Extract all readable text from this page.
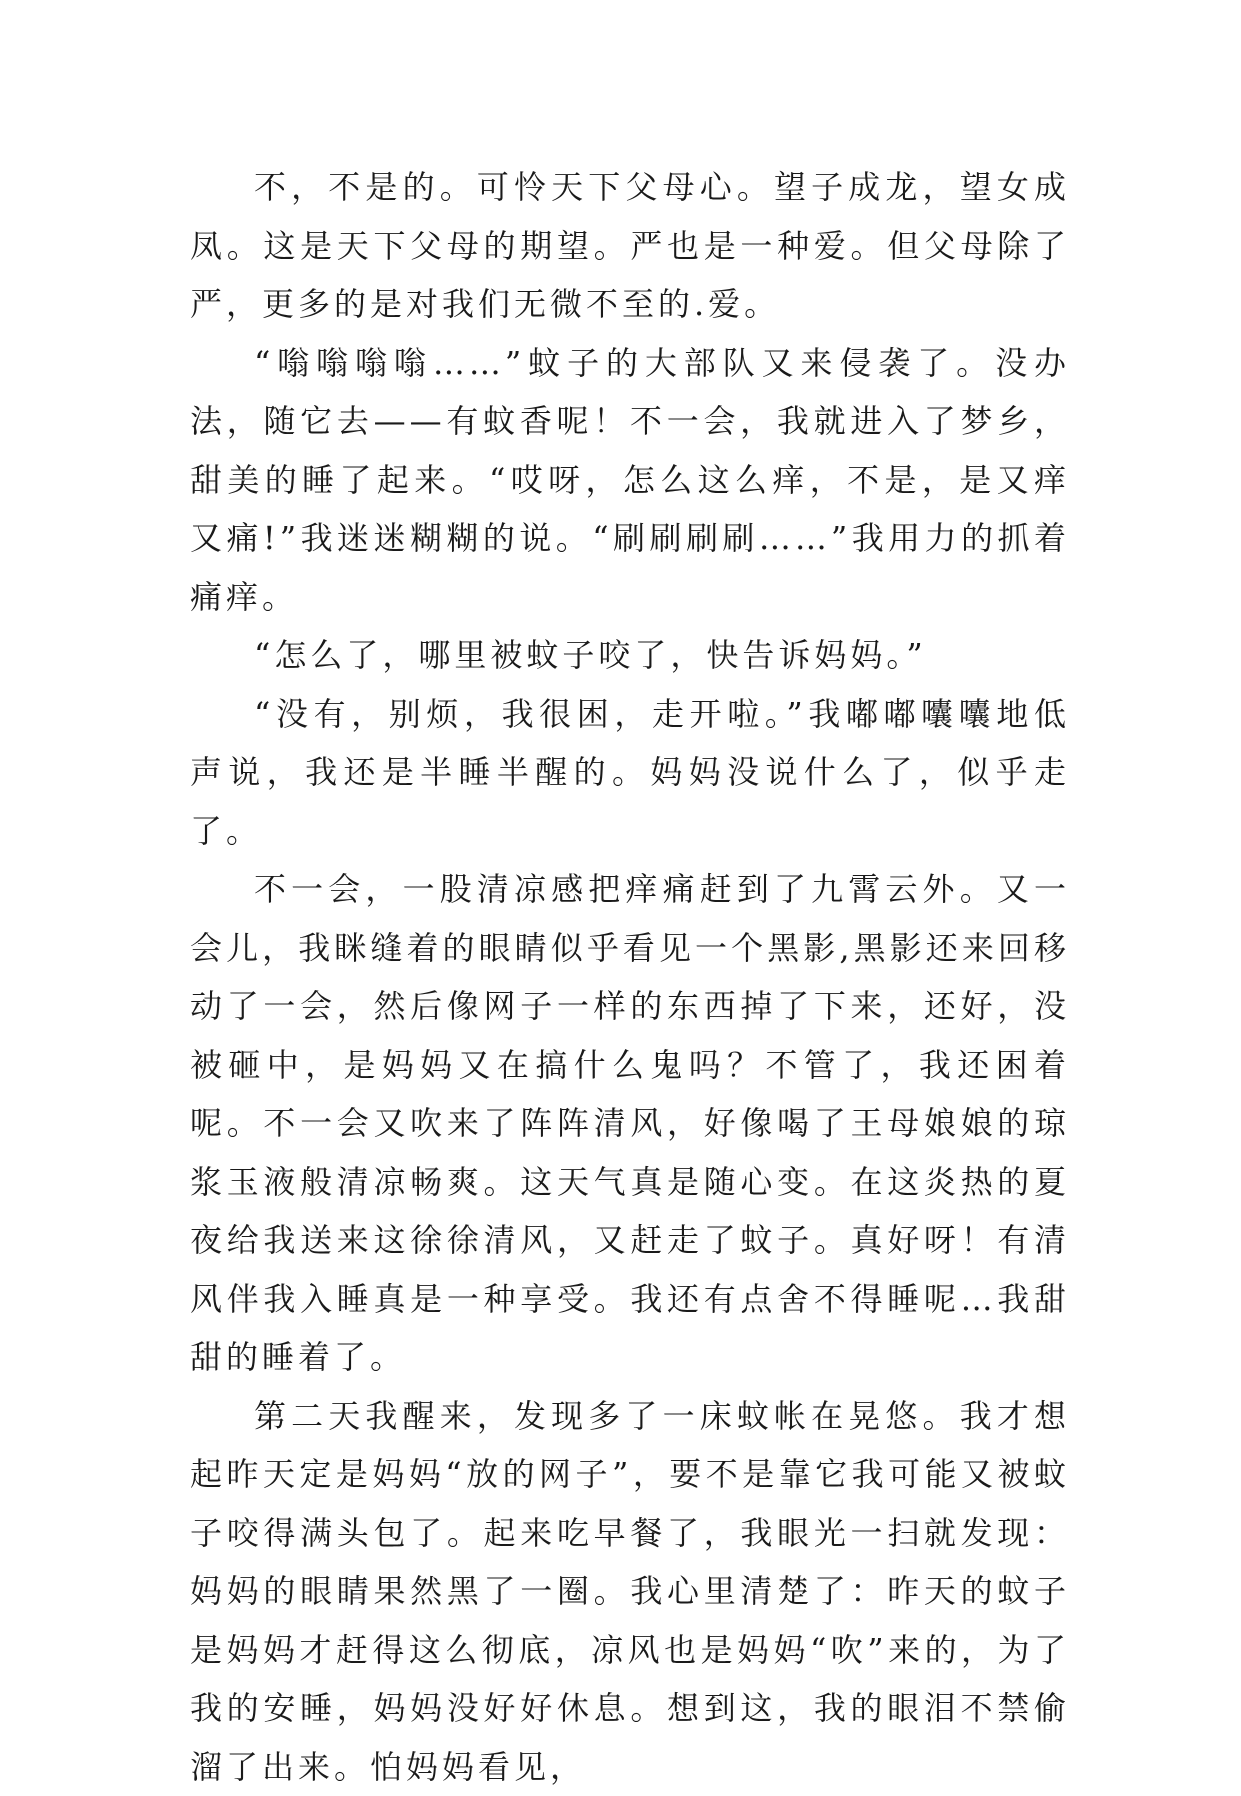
不，不是的。可怜天下父母心。望子成龙，望女成凤。这是天下父母的期望。严也是一种爱。但父母除了严，更多的是对我们无微不至的.爱。

“嗡嗡嗡嗡……”蚊子的大部队又来侵袭了。没办法，随它去——有蚊香呢！不一会，我就进入了梦乡，甜美的睡了起来。“哎呀，怎么这么痒，不是，是又痒又痛!”我迷迷糊糊的说。“刷刷刷刷……”我用力的抓着痛痒。

“怎么了，哪里被蚊子咬了，快告诉妈妈。”

“没有，别烦，我很困，走开啦。”我嘟嘟囔囔地低声说，我还是半睡半醒的。妈妈没说什么了，似乎走了。

不一会，一股清凉感把痒痛赶到了九霄云外。又一会儿，我眯缝着的眼睛似乎看见一个黑影,黑影还来回移动了一会，然后像网子一样的东西掉了下来，还好，没被砸中，是妈妈又在搞什么鬼吗？不管了，我还困着呢。不一会又吹来了阵阵清风，好像喝了王母娘娘的琼浆玉液般清凉畅爽。这天气真是随心变。在这炎热的夏夜给我送来这徐徐清风，又赶走了蚊子。真好呀！有清风伴我入睡真是一种享受。我还有点舍不得睡呢…我甜甜的睡着了。

第二天我醒来，发现多了一床蚊帐在晃悠。我才想起昨天定是妈妈“放的网子”，要不是靠它我可能又被蚊子咬得满头包了。起来吃早餐了，我眼光一扫就发现：妈妈的眼睛果然黑了一圈。我心里清楚了：昨天的蚊子是妈妈才赶得这么彻底，凉风也是妈妈“吹”来的，为了我的安睡，妈妈没好好休息。想到这，我的眼泪不禁偷溜了出来。怕妈妈看见，
